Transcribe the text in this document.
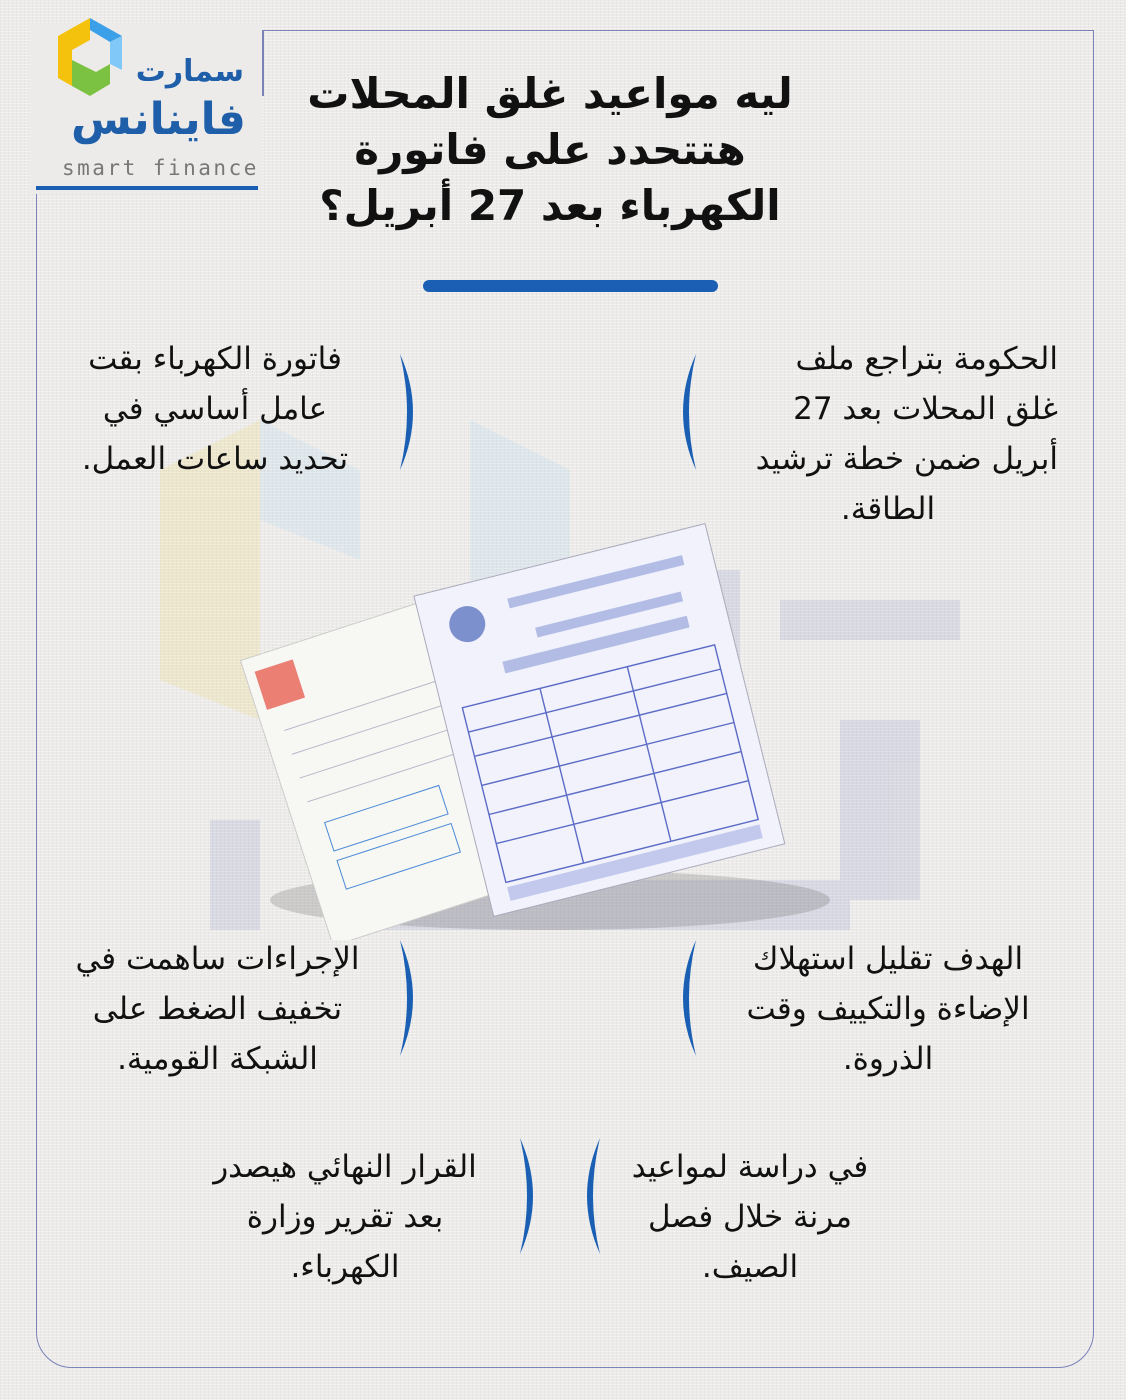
سمارت
فاينانس
smart finance
ليه مواعيد غلق المحلات
هتتحدد على فاتورة
الكهرباء بعد 27 أبريل؟
الحكومة بتراجع ملف
غلق المحلات بعد 27
أبريل ضمن خطة ترشيد
الطاقة.
فاتورة الكهرباء بقت
عامل أساسي في
تحديد ساعات العمل.
الهدف تقليل استهلاك
الإضاءة والتكييف وقت
الذروة.
الإجراءات ساهمت في
تخفيف الضغط على
الشبكة القومية.
في دراسة لمواعيد
مرنة خلال فصل
الصيف.
القرار النهائي هيصدر
بعد تقرير وزارة
الكهرباء.
